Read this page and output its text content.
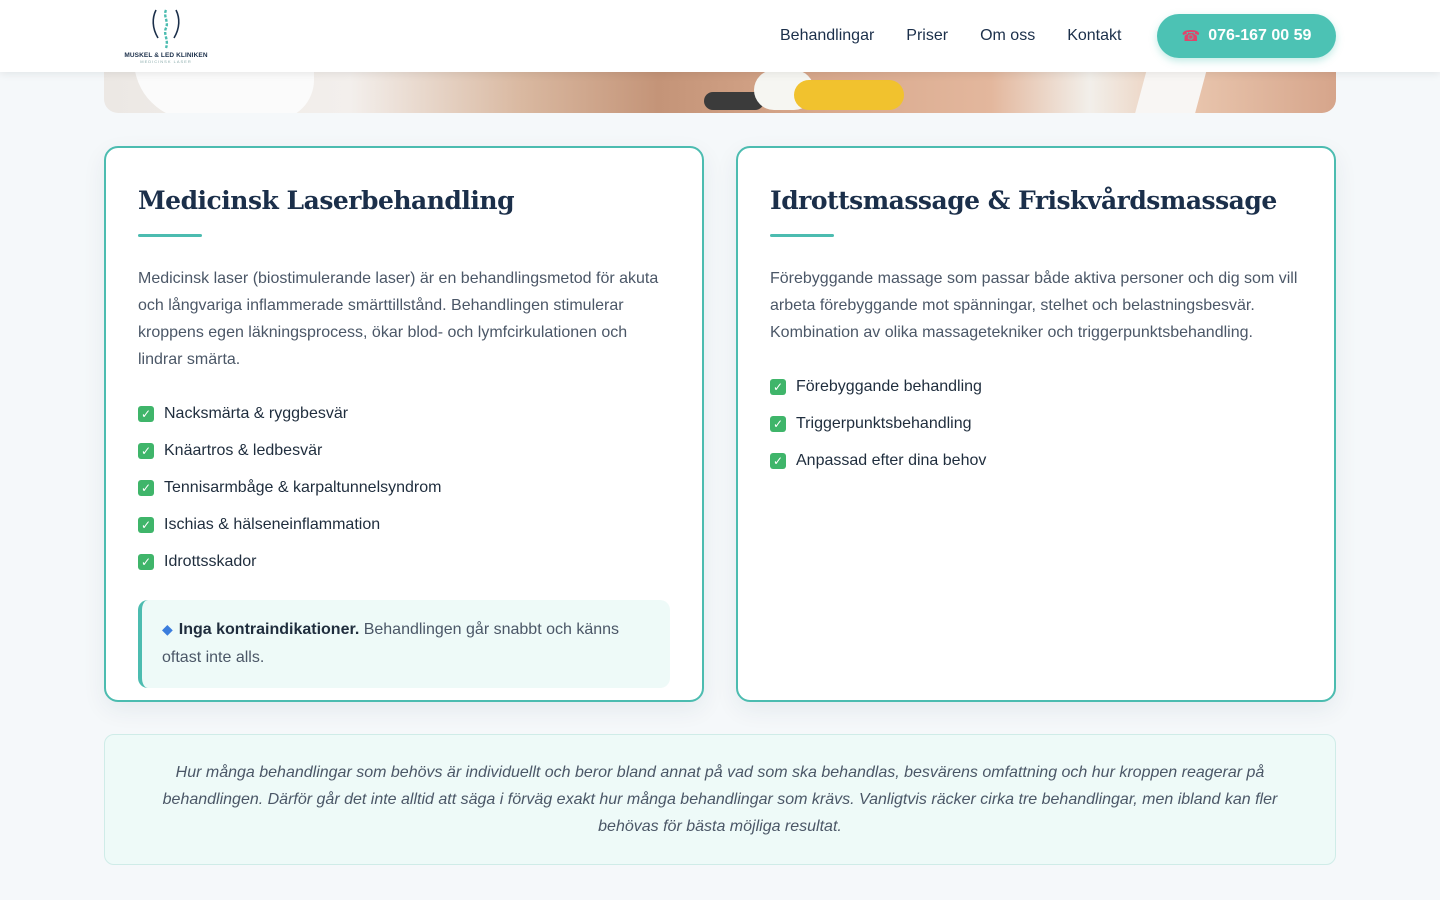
MUSKEL & LED KLINIKEN
MEDICINSK LASER
Behandlingar Priser Om oss Kontakt	☎ 076-167 00 59
Medicinsk Laserbehandling

Medicinsk laser (biostimulerande laser) är en behandlingsmetod för akuta och långvariga inflammerade smärttillstånd. Behandlingen stimulerar kroppens egen läkningsprocess, ökar blod- och lymfcirkulationen och lindrar smärta.

✓ Nacksmärta & ryggbesvär
✓ Knäartros & ledbesvär
✓ Tennisarmbåge & karpaltunnelsyndrom
✓ Ischias & hälseneinflammation
✓ Idrottsskador
◆ Inga kontraindikationer. Behandlingen går snabbt och känns oftast inte alls.
Idrottsmassage & Friskvårdsmassage

Förebyggande massage som passar både aktiva personer och dig som vill arbeta förebyggande mot spänningar, stelhet och belastningsbesvär. Kombination av olika massagetekniker och triggerpunktsbehandling.

✓ Förebyggande behandling
✓ Triggerpunktsbehandling
✓ Anpassad efter dina behov
Hur många behandlingar som behövs är individuellt och beror bland annat på vad som ska behandlas, besvärens omfattning och hur kroppen reagerar på behandlingen. Därför går det inte alltid att säga i förväg exakt hur många behandlingar som krävs. Vanligtvis räcker cirka tre behandlingar, men ibland kan fler behövas för bästa möjliga resultat.
